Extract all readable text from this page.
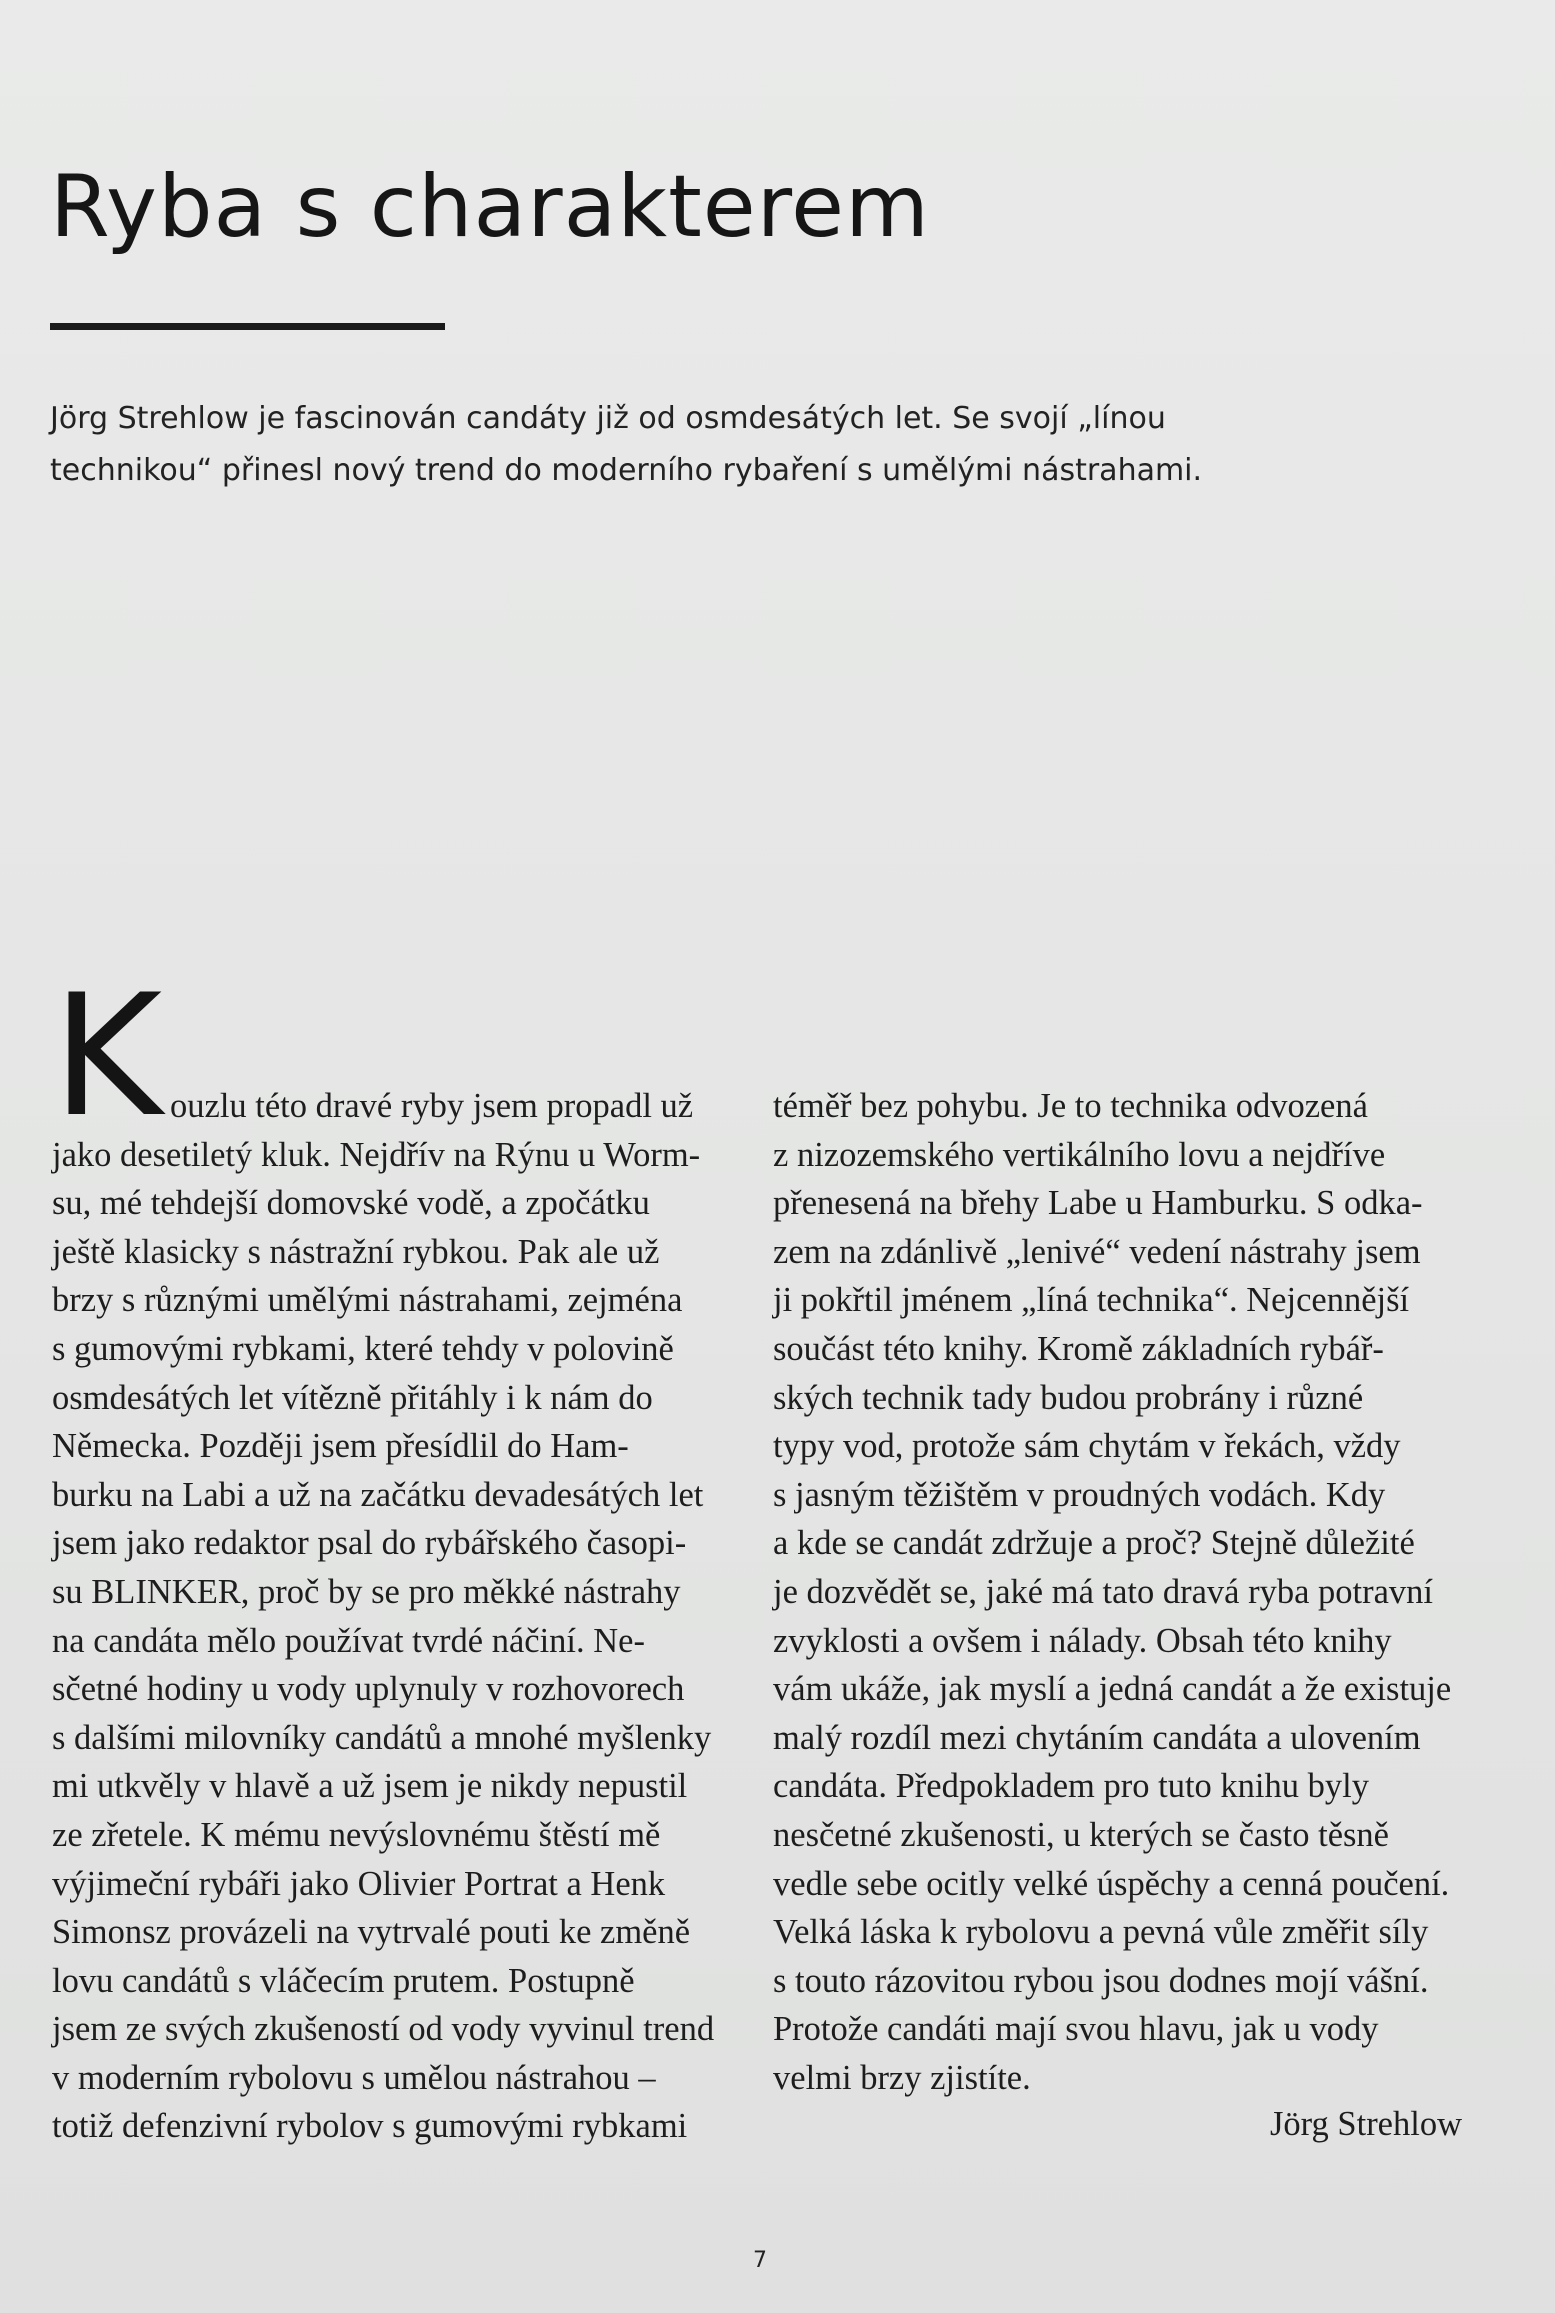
Ryba s charakterem

Jörg Strehlow je fascinován candáty již od osmdesátých let. Se svojí „línou
technikou“ přinesl nový trend do moderního rybaření s umělými nástrahami.

K ouzlu této dravé ryby jsem propadl už
jako desetiletý kluk. Nejdřív na Rýnu u Worm-
su, mé tehdejší domovské vodě, a zpočátku
ještě klasicky s nástražní rybkou. Pak ale už
brzy s různými umělými nástrahami, zejména
s gumovými rybkami, které tehdy v polovině
osmdesátých let vítězně přitáhly i k nám do
Německa. Později jsem přesídlil do Ham-
burku na Labi a už na začátku devadesátých let
jsem jako redaktor psal do rybářského časopi-
su BLINKER, proč by se pro měkké nástrahy
na candáta mělo používat tvrdé náčiní. Ne-
sčetné hodiny u vody uplynuly v rozhovorech
s dalšími milovníky candátů a mnohé myšlenky
mi utkvěly v hlavě a už jsem je nikdy nepustil
ze zřetele. K mému nevýslovnému štěstí mě
výjimeční rybáři jako Olivier Portrat a Henk
Simonsz provázeli na vytrvalé pouti ke změně
lovu candátů s vláčecím prutem. Postupně
jsem ze svých zkušeností od vody vyvinul trend
v moderním rybolovu s umělou nástrahou –
totiž defenzivní rybolov s gumovými rybkami
téměř bez pohybu. Je to technika odvozená
z nizozemského vertikálního lovu a nejdříve
přenesená na břehy Labe u Hamburku. S odka-
zem na zdánlivě „lenivé“ vedení nástrahy jsem
ji pokřtil jménem „líná technika“. Nejcennější
součást této knihy. Kromě základních rybář-
ských technik tady budou probrány i různé
typy vod, protože sám chytám v řekách, vždy
s jasným těžištěm v proudných vodách. Kdy
a kde se candát zdržuje a proč? Stejně důležité
je dozvědět se, jaké má tato dravá ryba potravní
zvyklosti a ovšem i nálady. Obsah této knihy
vám ukáže, jak myslí a jedná candát a že existuje
malý rozdíl mezi chytáním candáta a ulovením
candáta. Předpokladem pro tuto knihu byly
nesčetné zkušenosti, u kterých se často těsně
vedle sebe ocitly velké úspěchy a cenná poučení.
Velká láska k rybolovu a pevná vůle změřit síly
s touto rázovitou rybou jsou dodnes mojí vášní.
Protože candáti mají svou hlavu, jak u vody
velmi brzy zjistíte.
Jörg Strehlow
7
